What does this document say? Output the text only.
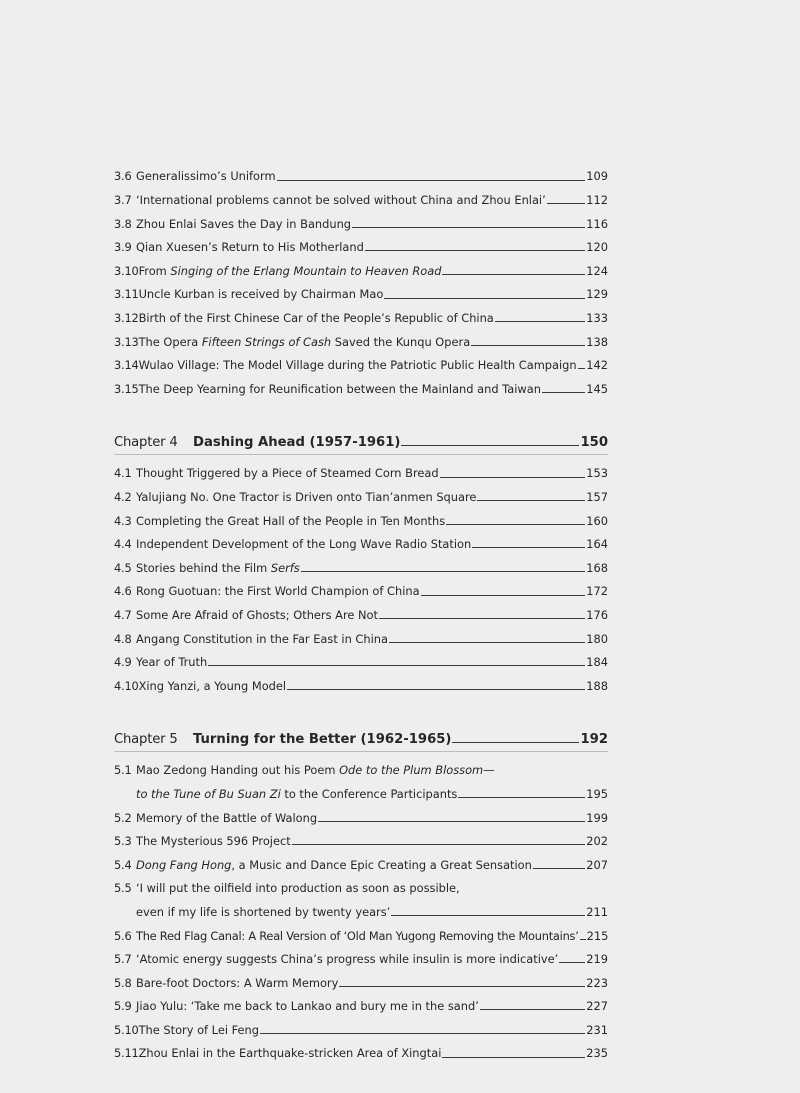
3.6 Generalissimo’s Uniform	109
3.7 ‘International problems cannot be solved without China and Zhou Enlai’	112
3.8 Zhou Enlai Saves the Day in Bandung	116
3.9 Qian Xuesen’s Return to His Motherland	120
3.10 From Singing of the Erlang Mountain to Heaven Road	124
3.11 Uncle Kurban is received by Chairman Mao	129
3.12 Birth of the First Chinese Car of the People’s Republic of China	133
3.13 The Opera Fifteen Strings of Cash Saved the Kunqu Opera	138
3.14 Wulao Village: The Model Village during the Patriotic Public Health Campaign 142
3.15 The Deep Yearning for Reunification between the Mainland and Taiwan	145
Chapter 4	Dashing Ahead (1957-1961)	150
4.1 Thought Triggered by a Piece of Steamed Corn Bread	153
4.2 Yalujiang No. One Tractor is Driven onto Tian’anmen Square	157
4.3 Completing the Great Hall of the People in Ten Months	160
4.4 Independent Development of the Long Wave Radio Station	164
4.5 Stories behind the Film Serfs	168
4.6 Rong Guotuan: the First World Champion of China	172
4.7 Some Are Afraid of Ghosts; Others Are Not	176
4.8 Angang Constitution in the Far East in China	180
4.9 Year of Truth	184
4.10 Xing Yanzi, a Young Model	188
Chapter 5	Turning for the Better (1962-1965)	192
5.1 Mao Zedong Handing out his Poem Ode to the Plum Blossom—
to the Tune of Bu Suan Zi to the Conference Participants	195
5.2 Memory of the Battle of Walong	199
5.3 The Mysterious 596 Project	202
5.4 Dong Fang Hong, a Music and Dance Epic Creating a Great Sensation	207
5.5 ‘I will put the oilfield into production as soon as possible,
even if my life is shortened by twenty years’	211
5.6 The Red Flag Canal: A Real Version of ‘Old Man Yugong Removing the Mountains’ 215
5.7 ‘Atomic energy suggests China’s progress while insulin is more indicative’ 219
5.8 Bare-foot Doctors: A Warm Memory	223
5.9 Jiao Yulu: ‘Take me back to Lankao and bury me in the sand’	227
5.10 The Story of Lei Feng	231
5.11 Zhou Enlai in the Earthquake-stricken Area of Xingtai	235
